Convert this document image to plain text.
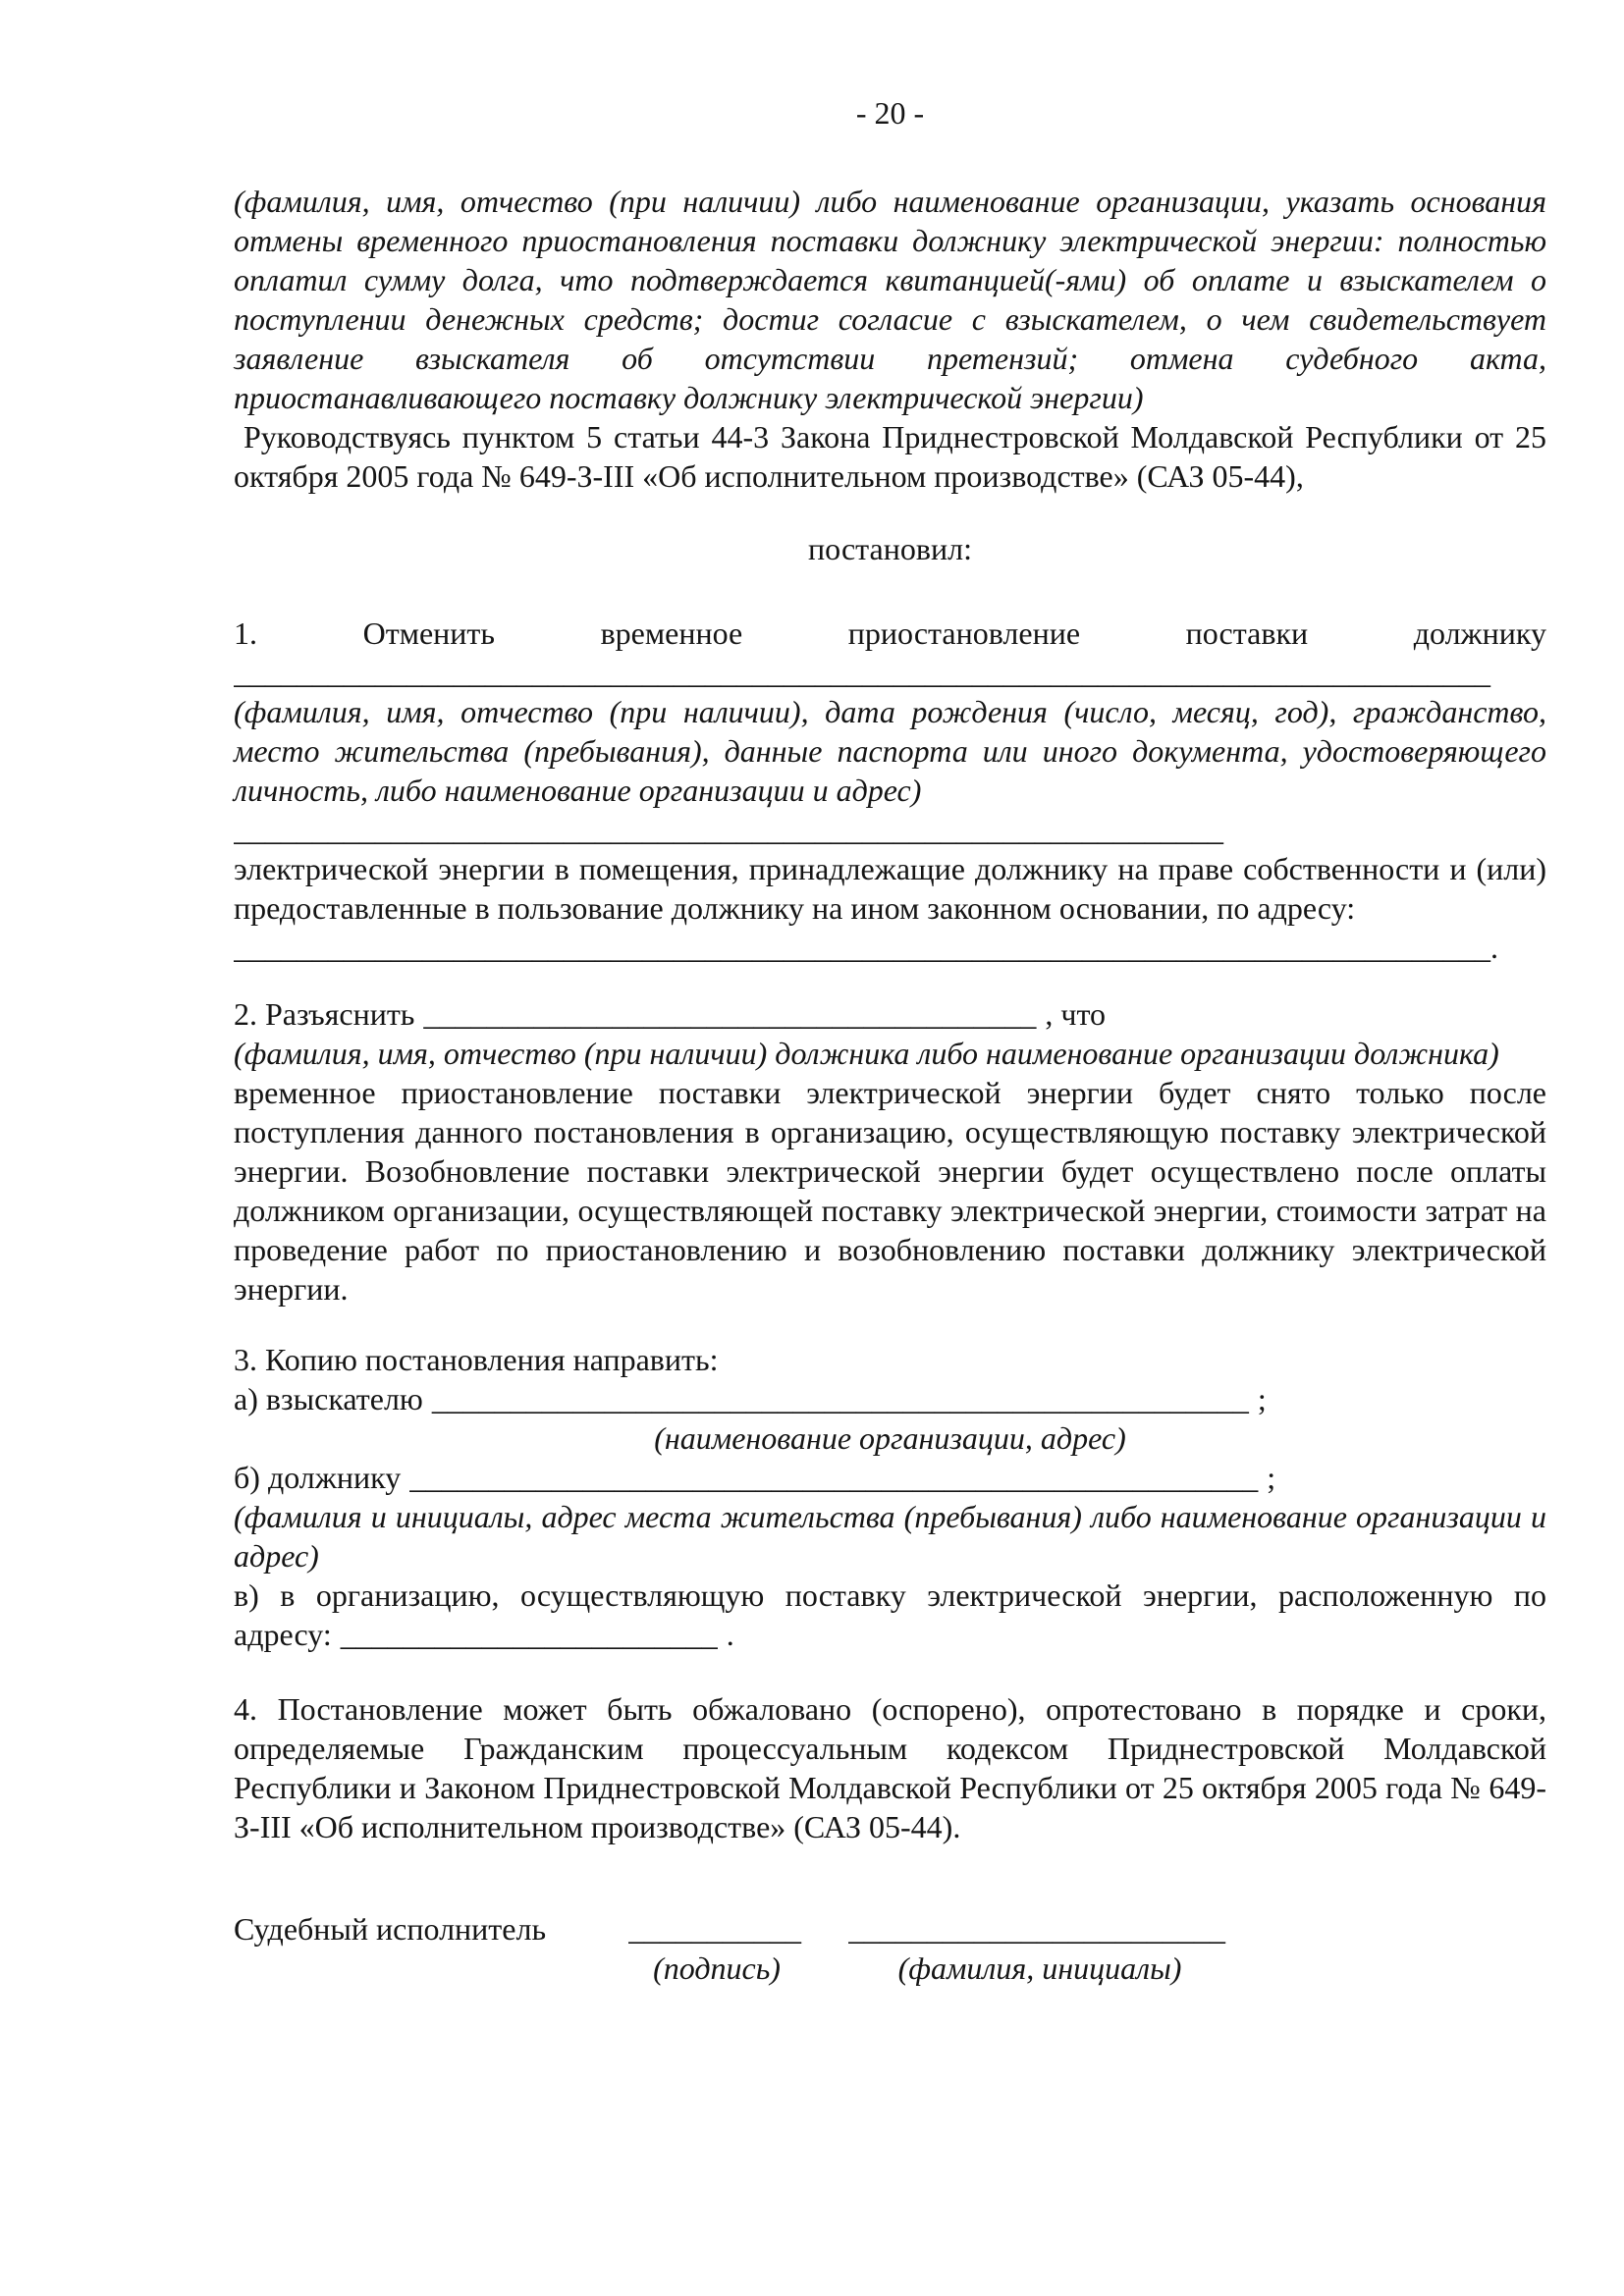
- 20 -

(фамилия, имя, отчество (при наличии) либо наименование организации, указать основания отмены временного приостановления поставки должнику электрической энергии: полностью оплатил сумму долга, что подтверждается квитанцией(-ями) об оплате и взыскателем о поступлении денежных средств; достиг согласие с взыскателем, о чем свидетельствует заявление взыскателя об отсутствии претензий; отмена судебного акта, приостанавливающего поставку должнику электрической энергии)

Руководствуясь пунктом 5 статьи 44-3 Закона Приднестровской Молдавской Республики от 25 октября 2005 года № 649-З-III «Об исполнительном производстве» (САЗ 05-44),

постановил:

1. Отменить временное приостановление поставки должнику

________________________________________________________________________________

(фамилия, имя, отчество (при наличии), дата рождения (число, месяц, год), гражданство, место жительства (пребывания), данные паспорта или иного документа, удостоверяющего личность, либо наименование организации и адрес)

_______________________________________________________________

электрической энергии в помещения, принадлежащие должнику на праве собственности и (или) предоставленные в пользование должнику на ином законном основании, по адресу:

________________________________________________________________________________.

2. Разъяснить _______________________________________ , что

(фамилия, имя, отчество (при наличии) должника либо наименование организации должника)

временное приостановление поставки электрической энергии будет снято только после поступления данного постановления в организацию, осуществляющую поставку электрической энергии. Возобновление поставки электрической энергии будет осуществлено после оплаты должником организации, осуществляющей поставку электрической энергии, стоимости затрат на проведение работ по приостановлению и возобновлению поставки должнику электрической энергии.

3. Копию постановления направить:

а) взыскателю ____________________________________________________ ;

(наименование организации, адрес)

б) должнику ______________________________________________________ ;

(фамилия и инициалы, адрес места жительства (пребывания) либо наименование организации и адрес)

в) в организацию, осуществляющую поставку электрической энергии, расположенную по адресу: ________________________ .

4. Постановление может быть обжаловано (оспорено), опротестовано в порядке и сроки, определяемые Гражданским процессуальным кодексом Приднестровской Молдавской Республики и Законом Приднестровской Молдавской Республики от 25 октября 2005 года № 649-З-III «Об исполнительном производстве» (САЗ 05-44).

Судебный исполнитель	___________ ________________________
(подпись)	(фамилия, инициалы)
